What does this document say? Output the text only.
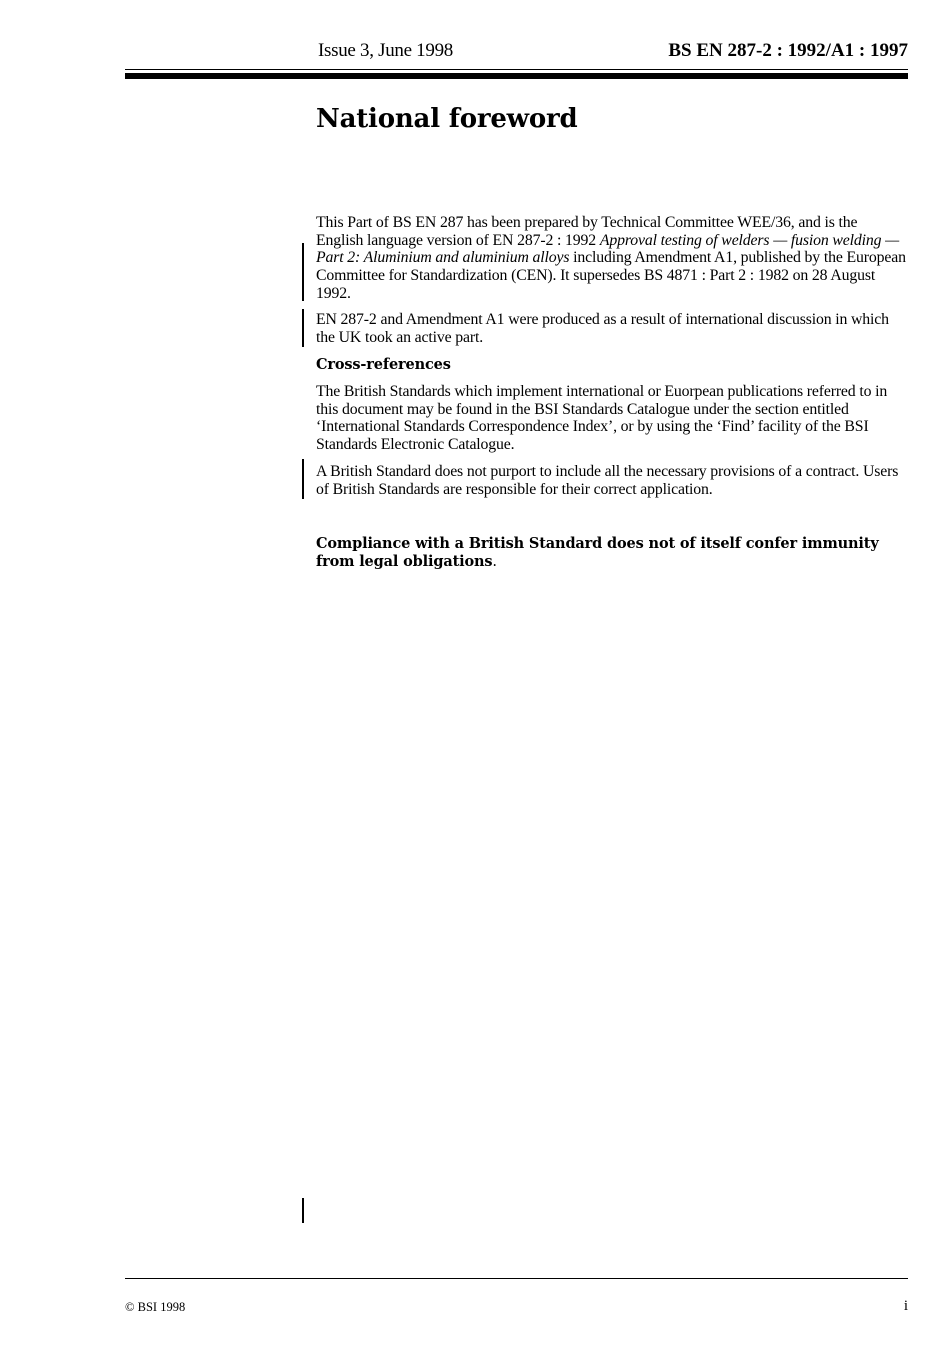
Issue 3, June 1998	BS EN 287-2 : 1992/A1 : 1997
National foreword

This Part of BS EN 287 has been prepared by Technical Committee WEE/36, and is the English language version of EN 287-2 : 1992 Approval testing of welders — fusion welding — Part 2: Aluminium and aluminium alloys including Amendment A1, published by the European Committee for Standardization (CEN). It supersedes BS 4871 : Part 2 : 1982 on 28 August 1992.

EN 287-2 and Amendment A1 were produced as a result of international discussion in which the UK took an active part.

Cross-references

The British Standards which implement international or Euorpean publications referred to in this document may be found in the BSI Standards Catalogue under the section entitled ‘International Standards Correspondence Index’, or by using the ‘Find’ facility of the BSI Standards Electronic Catalogue.

A British Standard does not purport to include all the necessary provisions of a contract. Users of British Standards are responsible for their correct application.

Compliance with a British Standard does not of itself confer immunity from legal obligations.

© BSI 1998	i
